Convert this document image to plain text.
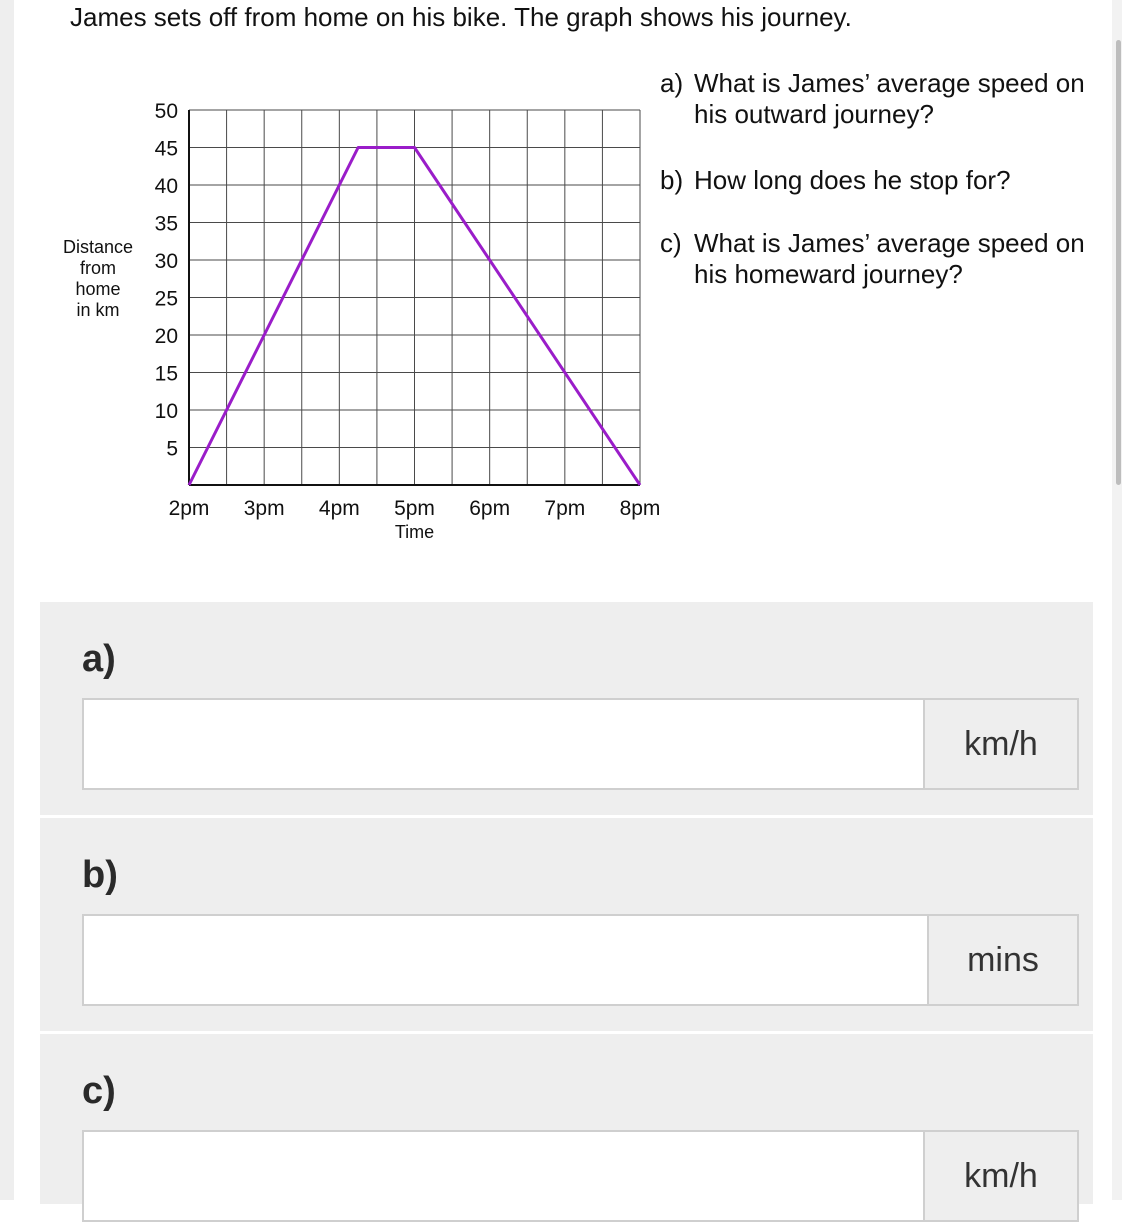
James sets off from home on his bike. The graph shows his journey.

5
10
15
20
25
30
35
40
45
50
2pm 3pm 4pm 5pm 6pm 7pm 8pm
Time
Distance
from
home
in km

a) What is James’ average speed on his outward journey?

b) How long does he stop for?

c) What is James’ average speed on his homeward journey?

a)
km/h
b)
mins
c)
km/h
